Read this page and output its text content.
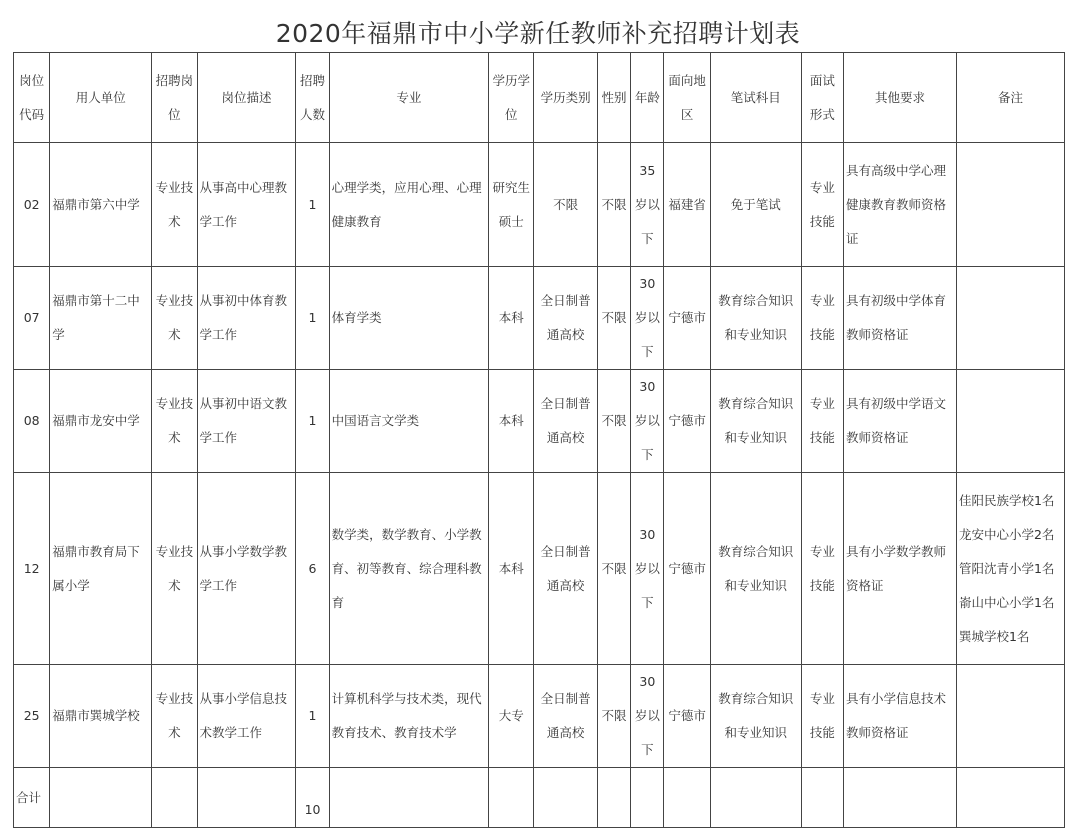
2020年福鼎市中小学新任教师补充招聘计划表
岗位代码	用人单位	招聘岗位	岗位描述	招聘人数	专业	学历学位	学历类别	性别	年龄	面向地区	笔试科目	面试形式	其他要求	备注
02	福鼎市第六中学	专业技术	从事高中心理教学工作	1	心理学类，应用心理、心理健康教育	研究生硕士	不限	不限	35岁以下	福建省	免于笔试	专业技能	具有高级中学心理健康教育教师资格证	
07	福鼎市第十二中学	专业技术	从事初中体育教学工作	1	体育学类	本科	全日制普通高校	不限	30岁以下	宁德市	教育综合知识和专业知识	专业技能	具有初级中学体育教师资格证	
08	福鼎市龙安中学	专业技术	从事初中语文教学工作	1	中国语言文学类	本科	全日制普通高校	不限	30岁以下	宁德市	教育综合知识和专业知识	专业技能	具有初级中学语文教师资格证	
12	福鼎市教育局下属小学	专业技术	从事小学数学教学工作	6	数学类，数学教育、小学教育、初等教育、综合理科教育	本科	全日制普通高校	不限	30岁以下	宁德市	教育综合知识和专业知识	专业技能	具有小学数学教师资格证	佳阳民族学校1名
龙安中心小学2名
管阳沈青小学1名
嵛山中心小学1名
巽城学校1名

25	福鼎市巽城学校	专业技术	从事小学信息技术教学工作	1	计算机科学与技术类，现代教育技术、教育技术学	大专	全日制普通高校	不限	30岁以下	宁德市	教育综合知识和专业知识	专业技能	具有小学信息技术教师资格证	
合计				10										
